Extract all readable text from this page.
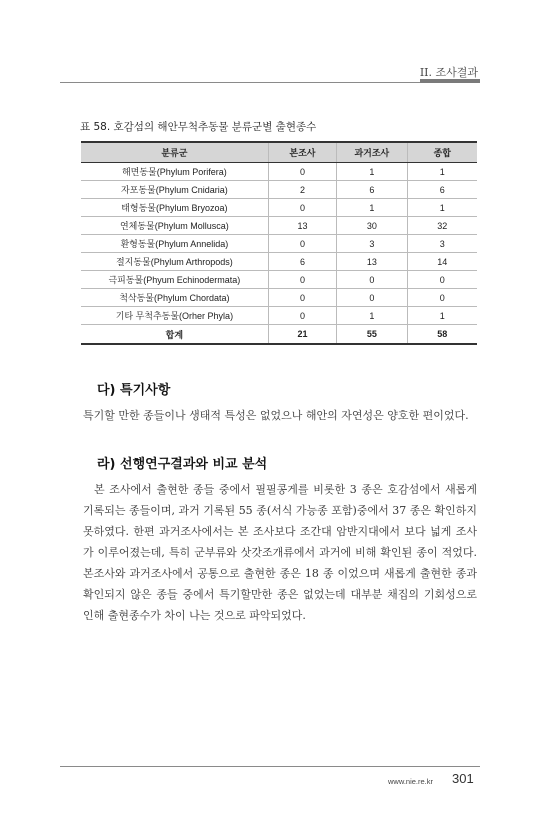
II. 조사결과
표 58. 호감섬의 해안무척추동물 분류군별 출현종수
분류군	본조사	과거조사	종합
해면동물(Phylum Porifera)	0	1	1
자포동물(Phylum Cnidaria)	2	6	6
태형동물(Phylum Bryozoa)	0	1	1
연체동물(Phylum Mollusca)	13	30	32
환형동물(Phylum Annelida)	0	3	3
절지동물(Phylum Arthropods)	6	13	14
극피동물(Phyum Echinodermata)	0	0	0
척삭동물(Phylum Chordata)	0	0	0
기타 무척추동물(Orher Phyla)	0	1	1
합계	21	55	58
다) 특기사항
특기할 만한 종들이나 생태적 특성은 없었으나 해안의 자연성은 양호한 편이었다.
라) 선행연구결과와 비교 분석
본 조사에서 출현한 종들 중에서 필필콩게를 비롯한 3 종은 호감섬에서 새롭게 기록되는 종들이며, 과거 기록된 55 종(서식 가능종 포함)중에서 37 종은 확인하지 못하였다. 한편 과거조사에서는 본 조사보다 조간대 암반지대에서 보다 넓게 조사가 이루어졌는데, 특히 군부류와 삿갓조개류에서 과거에 비해 확인된 종이 적었다. 본조사와 과거조사에서 공통으로 출현한 종은 18 종 이었으며 새롭게 출현한 종과 확인되지 않은 종들 중에서 특기할만한 종은 없었는데 대부분 채집의 기회성으로 인해 출현종수가 차이 나는 것으로 파악되었다.
www.nie.re.kr 301
